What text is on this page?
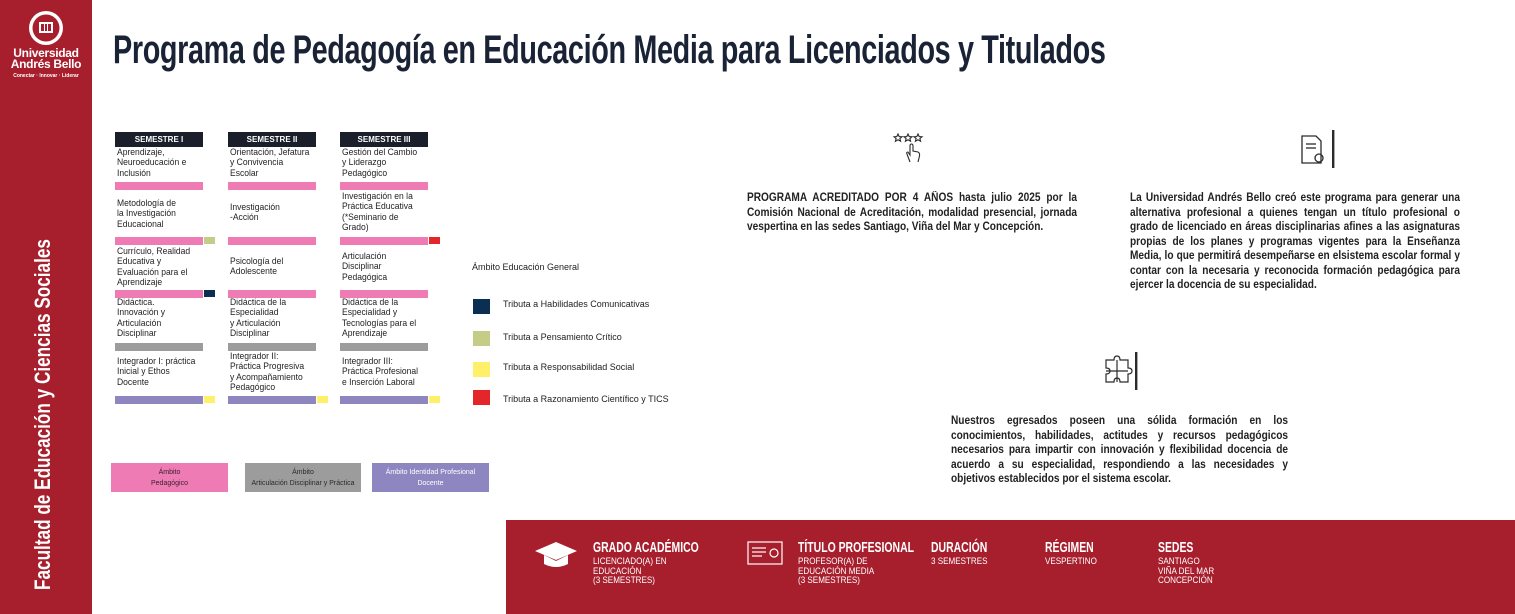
Universidad
Andrés Bello
Conectar · Innovar · Liderar
Facultad de Educación y Ciencias Sociales
Programa de Pedagogía en Educación Media para Licenciados y Titulados
SEMESTRE I
Aprendizaje,
Neuroeducación e
Inclusión
Metodología de
la Investigación
Educacional
Currículo, Realidad
Educativa y
Evaluación para el
Aprendizaje
Didáctica.
Innovación y
Articulación
Disciplinar
Integrador I: práctica
Inicial y Ethos
Docente
SEMESTRE II
Orientación, Jefatura
y Convivencia
Escolar
Investigación
-Acción
Psicología del
Adolescente
Didáctica de la
Especialidad
y Articulación
Disciplinar
Integrador II:
Práctica Progresiva
y Acompañamiento
Pedagógico
SEMESTRE III
Gestión del Cambio
y Liderazgo
Pedagógico
Investigación en la
Práctica Educativa
(*Seminario de
Grado)
Articulación
Disciplinar
Pedagógica
Didáctica de la
Especialidad y
Tecnologías para el
Aprendizaje
Integrador III:
Práctica Profesional
e Inserción Laboral
Ámbito Educación General
Tributa a Habilidades Comunicativas
Tributa a Pensamiento Crítico
Tributa a Responsabilidad Social
Tributa a Razonamiento Científico y TICS
Ámbito
Pedagógico
Ámbito
Articulación Disciplinar y Práctica
Ámbito Identidad Profesional
Docente
PROGRAMA ACREDITADO POR 4 AÑOS hasta julio 2025 por la Comisión Nacional de Acreditación, modalidad presencial, jornada vespertina en las sedes Santiago, Viña del Mar y Concepción.
La Universidad Andrés Bello creó este programa para generar una alternativa profesional a quienes tengan un título profesional o grado de licenciado en áreas disciplinarias afines a las asignaturas propias de los planes y programas vigentes para la Enseñanza Media, lo que permitirá desempeñarse en elsistema escolar formal y contar con la necesaria y reconocida formación pedagógica para ejercer la docencia de su especialidad.
Nuestros egresados poseen una sólida formación en los conocimientos, habilidades, actitudes y recursos pedagógicos necesarios para impartir con innovación y flexibilidad docencia de acuerdo a su especialidad, respondiendo a las necesidades y objetivos establecidos por el sistema escolar.
GRADO ACADÉMICO
LICENCIADO(A) EN
EDUCACIÓN
(3 SEMESTRES)
TÍTULO PROFESIONAL
PROFESOR(A) DE
EDUCACIÓN MEDIA
(3 SEMESTRES)
DURACIÓN
3 SEMESTRES
RÉGIMEN
VESPERTINO
SEDES
SANTIAGO
VIÑA DEL MAR
CONCEPCIÓN
